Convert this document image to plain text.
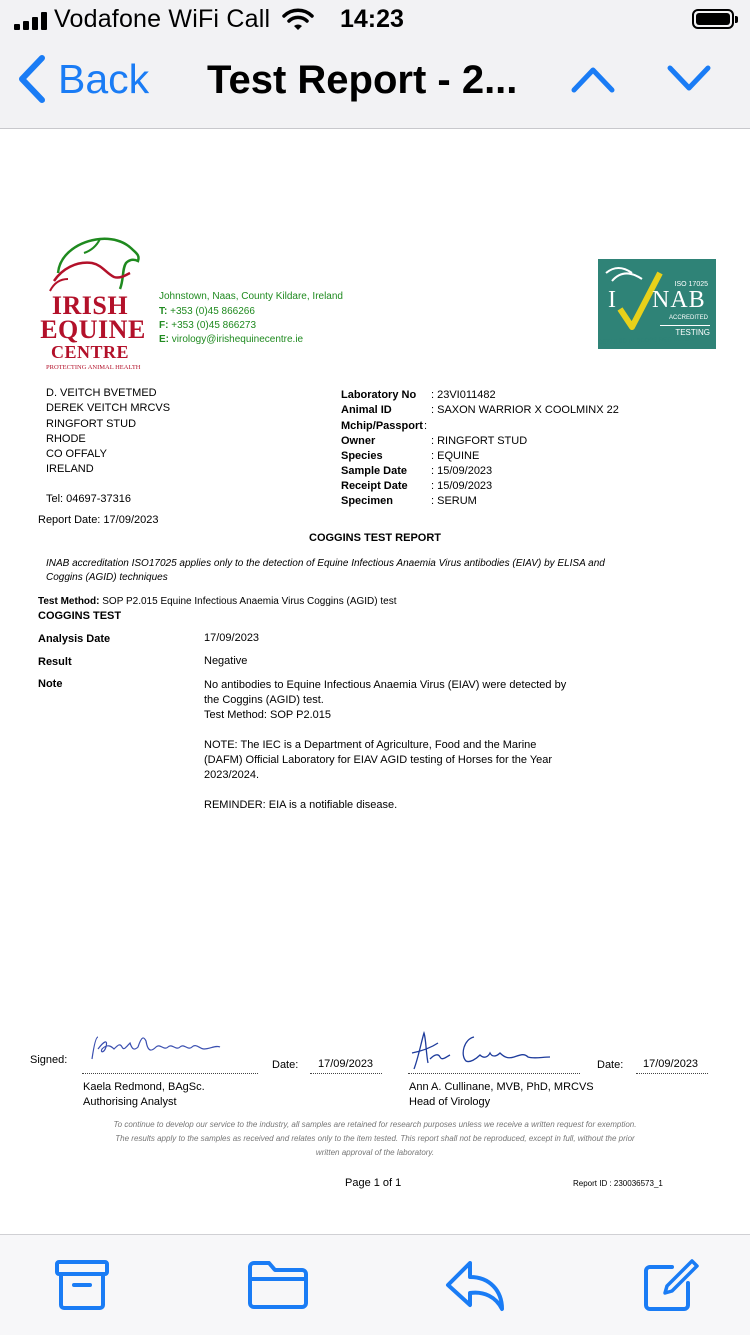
Vodafone WiFi Call	14:23
Back Test Report - 2...
IRISH
EQUINE
CENTRE
PROTECTING ANIMAL HEALTH
Johnstown, Naas, County Kildare, Ireland
T: +353 (0)45 866266
F: +353 (0)45 866273
E: virology@irishequinecentre.ie
ISO 17025
I NAB
ACCREDITED
TESTING
DETAILED IN SCOPE REG NO.151T
D. VEITCH BVETMED
DEREK VEITCH MRCVS
RINGFORT STUD
RHODE
CO OFFALY
IRELAND
Tel: 04697-37316
Report Date: 17/09/2023
Laboratory No : 23VI011482
Animal ID	: SAXON WARRIOR X COOLMINX 22
Mchip/Passport :
Owner	: RINGFORT STUD
Species	: EQUINE
Sample Date : 15/09/2023
Receipt Date : 15/09/2023
Specimen	: SERUM
COGGINS TEST REPORT
INAB accreditation ISO17025 applies only to the detection of Equine Infectious Anaemia Virus antibodies (EIAV) by ELISA and
Coggins (AGID) techniques
Test Method: SOP P2.015 Equine Infectious Anaemia Virus Coggins (AGID) test
COGGINS TEST
Analysis Date	17/09/2023
Result	Negative
Note	No antibodies to Equine Infectious Anaemia Virus (EIAV) were detected by
the Coggins (AGID) test.
Test Method: SOP P2.015
NOTE: The IEC is a Department of Agriculture, Food and the Marine
(DAFM) Official Laboratory for EIAV AGID testing of Horses for the Year
2023/2024.
REMINDER: EIA is a notifiable disease.
Signed:	Date: 17/09/2023
Kaela Redmond, BAgSc.
Authorising Analyst
Date: 17/09/2023
Ann A. Cullinane, MVB, PhD, MRCVS
Head of Virology
To continue to develop our service to the industry, all samples are retained for research purposes unless we receive a written request for exemption.
The results apply to the samples as received and relates only to the item tested. This report shall not be reproduced, except in full, without the prior
written approval of the laboratory.
Page 1 of 1	Report ID : 230036573_1
